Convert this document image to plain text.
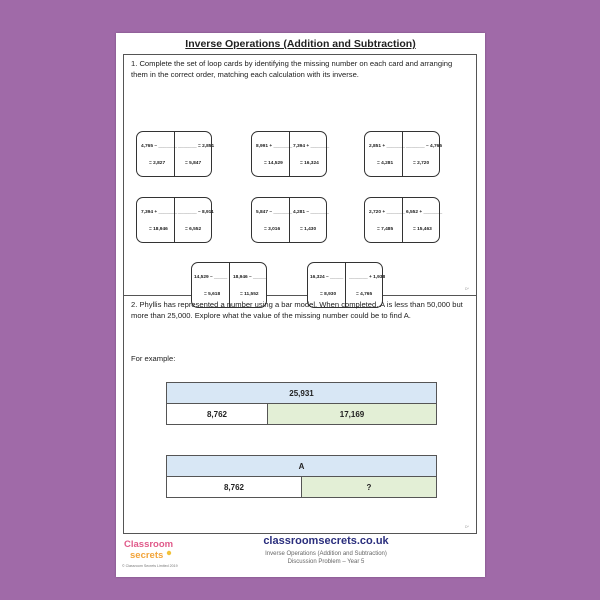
Inverse Operations (Addition and Subtraction)
1. Complete the set of loop cards by identifying the missing number on each card and arranging them in the correct order, matching each calculation with its inverse.
4,765 – _______ _______ = 2,851
= 2,827	= 5,847
8,991 + _______ 7,394 + _______
= 14,529	= 16,324
2,851 + _______ _______ – 4,765
= 4,281	= 2,720
7,394 + _______ _______ – 8,911
= 18,946	= 6,552
5,847 – _______ 4,281 – _______
= 3,016	= 1,430
2,720 + _______ 6,552 + _______
= 7,485	= 15,463
14,529 – _____ 18,946 – _____
= 5,618	= 11,552
16,324 – _____ _______ + 1,938
= 8,930	= 4,765
D*
2. Phyllis has represented a number using a bar model. When completed, A is less than 50,000 but more than 25,000. Explore what the value of the missing number could be to find A.
For example:
25,931
8,762	17,169
A
8,762	?
D*
Classroom
secrets
© Classroom Secrets Limited 2019
classroomsecrets.co.uk
Inverse Operations (Addition and Subtraction)
Discussion Problem – Year 5
